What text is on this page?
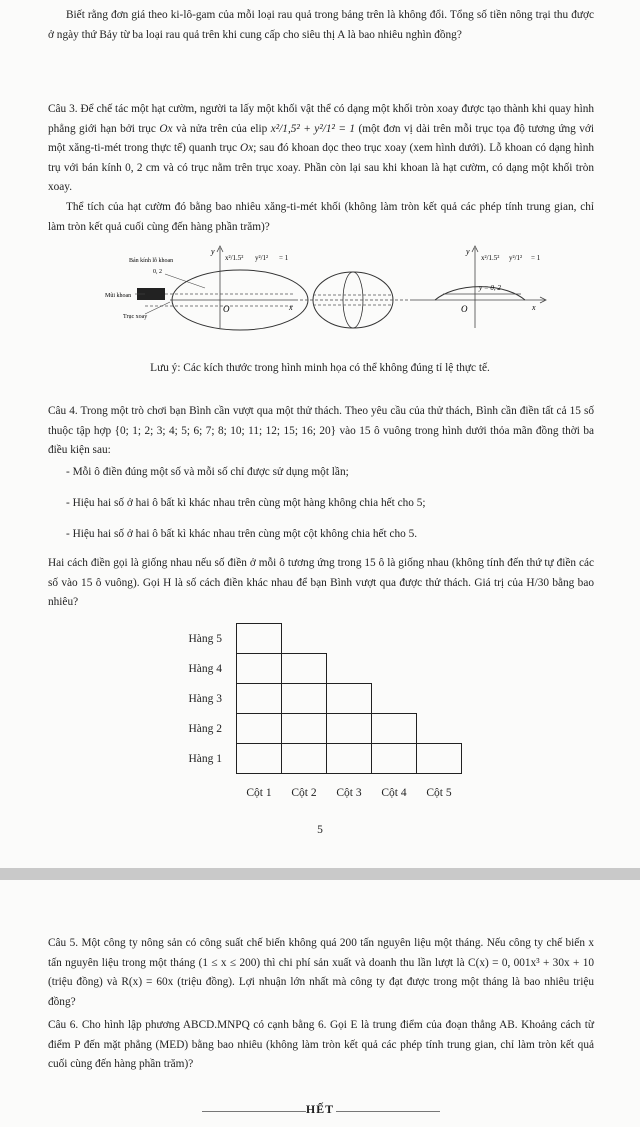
Biết rằng đơn giá theo ki-lô-gam của mỗi loại rau quả trong bảng trên là không đổi. Tổng số tiền nông trại thu được ở ngày thứ Bảy từ ba loại rau quả trên khi cung cấp cho siêu thị A là bao nhiêu nghìn đồng?
Câu 3. Để chế tác một hạt cườm, người ta lấy một khối vật thể có dạng một khối tròn xoay được tạo thành khi quay hình phẳng giới hạn bởi trục Ox và nửa trên của elip x²/1,5² + y²/1² = 1 (một đơn vị dài trên mỗi trục tọa độ tương ứng với một xăng-ti-mét trong thực tế) quanh trục Ox; sau đó khoan dọc theo trục xoay (xem hình dưới). Lỗ khoan có dạng hình trụ với bán kính 0, 2 cm và có trục nằm trên trục xoay. Phần còn lại sau khi khoan là hạt cườm, có dạng một khối tròn xoay.
Thể tích của hạt cườm đó bằng bao nhiêu xăng-ti-mét khối (không làm tròn kết quả các phép tính trung gian, chỉ làm tròn kết quả cuối cùng đến hàng phần trăm)?
Bán kính lỗ khoan
0, 2
Mũi khoan
Trục xoay
O
y
x
x²/1.5² y²/1² = 1
y = 0, 2
O
y
x
x²/1.5² y²/1² = 1
Lưu ý: Các kích thước trong hình minh họa có thể không đúng tỉ lệ thực tế.
Câu 4. Trong một trò chơi bạn Bình cần vượt qua một thử thách. Theo yêu cầu của thử thách, Bình cần điền tất cả 15 số thuộc tập hợp {0; 1; 2; 3; 4; 5; 6; 7; 8; 10; 11; 12; 15; 16; 20} vào 15 ô vuông trong hình dưới thỏa mãn đồng thời ba điều kiện sau:
- Mỗi ô điền đúng một số và mỗi số chỉ được sử dụng một lần;
- Hiệu hai số ở hai ô bất kì khác nhau trên cùng một hàng không chia hết cho 5;
- Hiệu hai số ở hai ô bất kì khác nhau trên cùng một cột không chia hết cho 5.
Hai cách điền gọi là giống nhau nếu số điền ở mỗi ô tương ứng trong 15 ô là giống nhau (không tính đến thứ tự điền các số vào 15 ô vuông). Gọi H là số cách điền khác nhau để bạn Bình vượt qua được thử thách. Giá trị của H/30 bằng bao nhiêu?
Hàng 5
Hàng 4
Hàng 3
Hàng 2
Hàng 1
Cột 1	Cột 2	Cột 3	Cột 4	Cột 5
5
Câu 5. Một công ty nông sản có công suất chế biến không quá 200 tấn nguyên liệu một tháng. Nếu công ty chế biến x tấn nguyên liệu trong một tháng (1 ≤ x ≤ 200) thì chi phí sản xuất và doanh thu lần lượt là C(x) = 0, 001x³ + 30x + 10 (triệu đồng) và R(x) = 60x (triệu đồng). Lợi nhuận lớn nhất mà công ty đạt được trong một tháng là bao nhiêu triệu đồng?
Câu 6. Cho hình lập phương ABCD.MNPQ có cạnh bằng 6. Gọi E là trung điểm của đoạn thẳng AB. Khoảng cách từ điểm P đến mặt phẳng (MED) bằng bao nhiêu (không làm tròn kết quả các phép tính trung gian, chỉ làm tròn kết quả cuối cùng đến hàng phần trăm)?
HẾT
